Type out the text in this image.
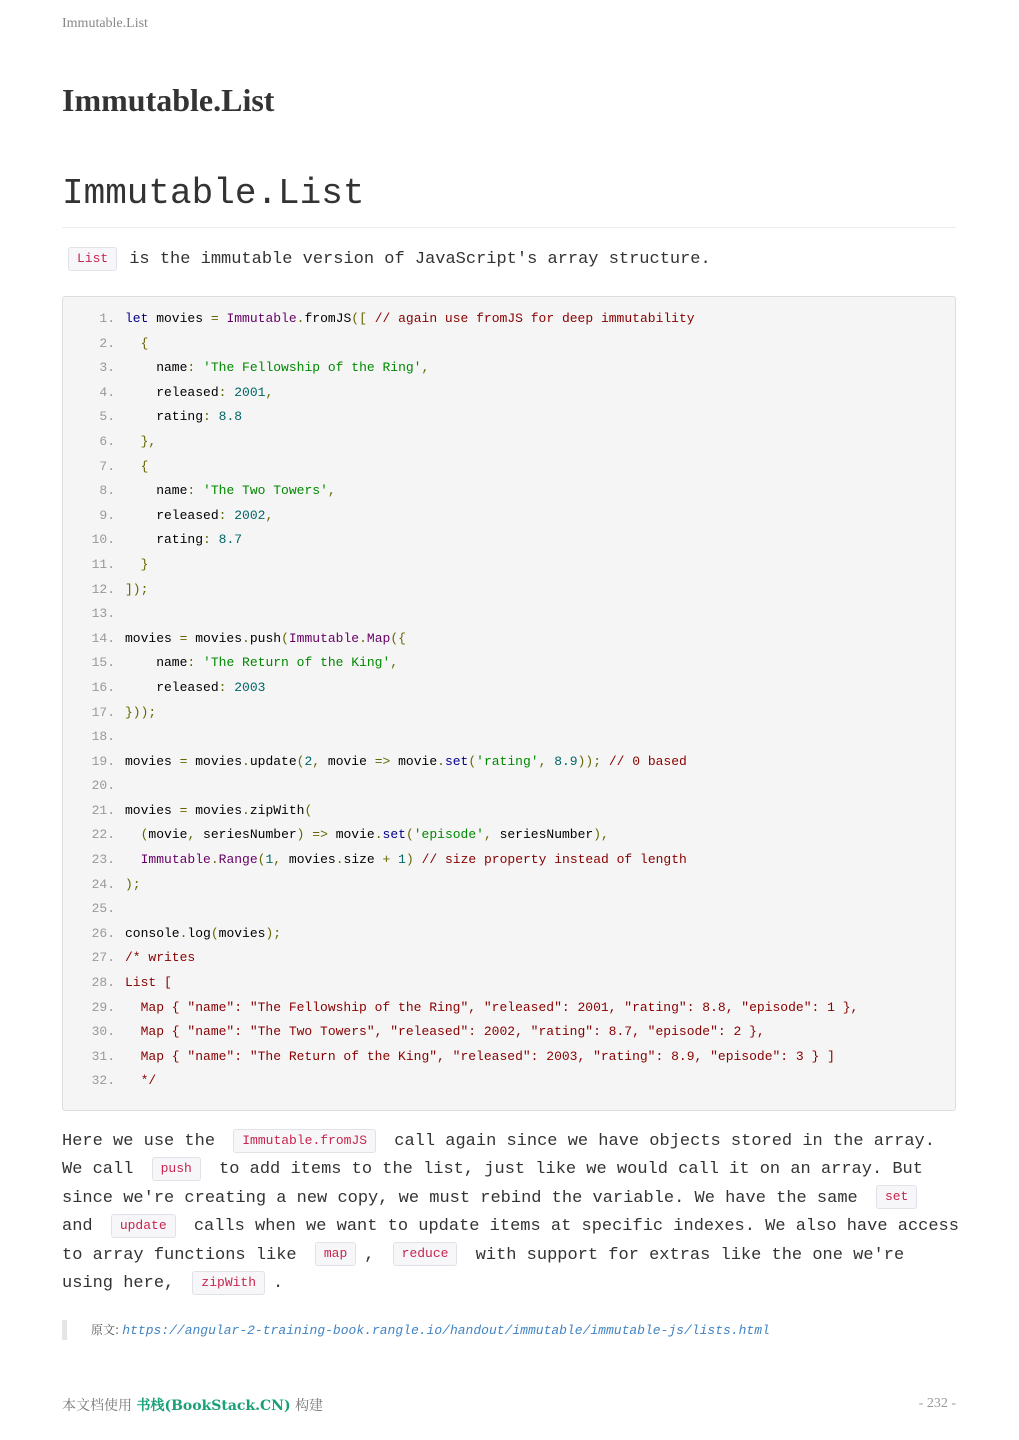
Immutable.List
Immutable.List
Immutable.List

List is the immutable version of JavaScript's array structure.

1. let movies = Immutable.fromJS([ // again use fromJS for deep immutability
2. {
3.    name: 'The Fellowship of the Ring',
4.    released: 2001,
5.    rating: 8.8
6. },
7. {
8.    name: 'The Two Towers',
9.    released: 2002,
10.    rating: 8.7
11. }
12. ]);
13.
14. movies = movies.push(Immutable.Map({
15.    name: 'The Return of the King',
16.    released: 2003
17. }));
18.
19. movies = movies.update(2, movie => movie.set('rating', 8.9)); // 0 based
20.
21. movies = movies.zipWith(
22. (movie, seriesNumber) => movie.set('episode', seriesNumber),
23. Immutable.Range(1, movies.size + 1) // size property instead of length
24. );
25.
26. console.log(movies);
27. /* writes
28. List [
29.  Map { "name": "The Fellowship of the Ring", "released": 2001, "rating": 8.8, "episode": 1 },
30.  Map { "name": "The Two Towers", "released": 2002, "rating": 8.7, "episode": 2 },
31.  Map { "name": "The Return of the King", "released": 2003, "rating": 8.9, "episode": 3 } ]
32.  */

Here we use the Immutable.fromJS call again since we have objects stored in the array. We call push to add items to the list, just like we would call it on an array. But since we're creating a new copy, we must rebind the variable. We have the same set and update calls when we want to update items at specific indexes. We also have access to array functions like map , reduce with support for extras like the one we're using here, zipWith .

原文: https://angular-2-training-book.rangle.io/handout/immutable/immutable-js/lists.html
本文档使用 书栈(BookStack.CN) 构建	- 232 -
